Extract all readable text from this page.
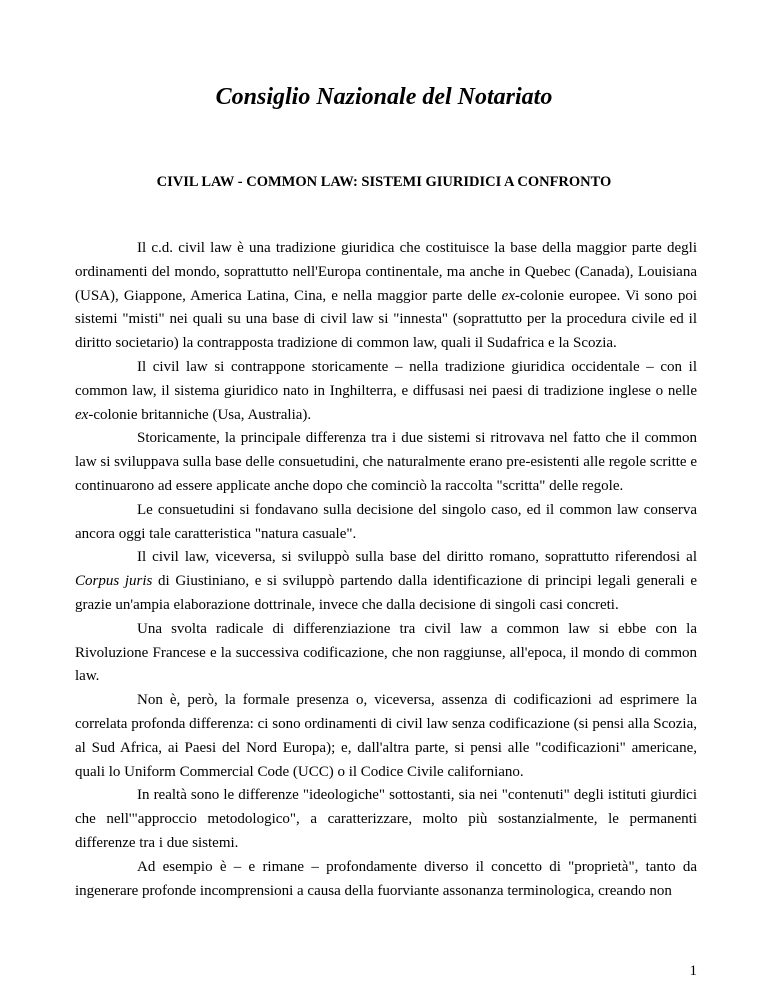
Consiglio Nazionale del Notariato
CIVIL LAW - COMMON LAW: SISTEMI GIURIDICI A CONFRONTO

Il c.d. civil law è una tradizione giuridica che costituisce la base della maggior parte degli ordinamenti del mondo, soprattutto nell'Europa continentale, ma anche in Quebec (Canada), Louisiana (USA), Giappone, America Latina, Cina, e nella maggior parte delle ex-colonie europee. Vi sono poi sistemi "misti" nei quali su una base di civil law si "innesta" (soprattutto per la procedura civile ed il diritto societario) la contrapposta tradizione di common law, quali il Sudafrica e la Scozia.

Il civil law si contrappone storicamente – nella tradizione giuridica occidentale – con il common law, il sistema giuridico nato in Inghilterra, e diffusasi nei paesi di tradizione inglese o nelle ex-colonie britanniche (Usa, Australia).

Storicamente, la principale differenza tra i due sistemi si ritrovava nel fatto che il common law si sviluppava sulla base delle consuetudini, che naturalmente erano pre-esistenti alle regole scritte e continuarono ad essere applicate anche dopo che cominciò la raccolta "scritta" delle regole.

Le consuetudini si fondavano sulla decisione del singolo caso, ed il common law conserva ancora oggi tale caratteristica "natura casuale".

Il civil law, viceversa, si sviluppò sulla base del diritto romano, soprattutto riferendosi al Corpus juris di Giustiniano, e si sviluppò partendo dalla identificazione di principi legali generali e grazie un'ampia elaborazione dottrinale, invece che dalla decisione di singoli casi concreti.

Una svolta radicale di differenziazione tra civil law a common law si ebbe con la Rivoluzione Francese e la successiva codificazione, che non raggiunse, all'epoca, il mondo di common law.

Non è, però, la formale presenza o, viceversa, assenza di codificazioni ad esprimere la correlata profonda differenza: ci sono ordinamenti di civil law senza codificazione (si pensi alla Scozia, al Sud Africa, ai Paesi del Nord Europa); e, dall'altra parte, si pensi alle "codificazioni" americane, quali lo Uniform Commercial Code (UCC) o il Codice Civile californiano.

In realtà sono le differenze "ideologiche" sottostanti, sia nei "contenuti" degli istituti giurdici che nell'"approccio metodologico", a caratterizzare, molto più sostanzialmente, le permanenti differenze tra i due sistemi.

Ad esempio è – e rimane – profondamente diverso il concetto di "proprietà", tanto da ingenerare profonde incomprensioni a causa della fuorviante assonanza terminologica, creando non

1
